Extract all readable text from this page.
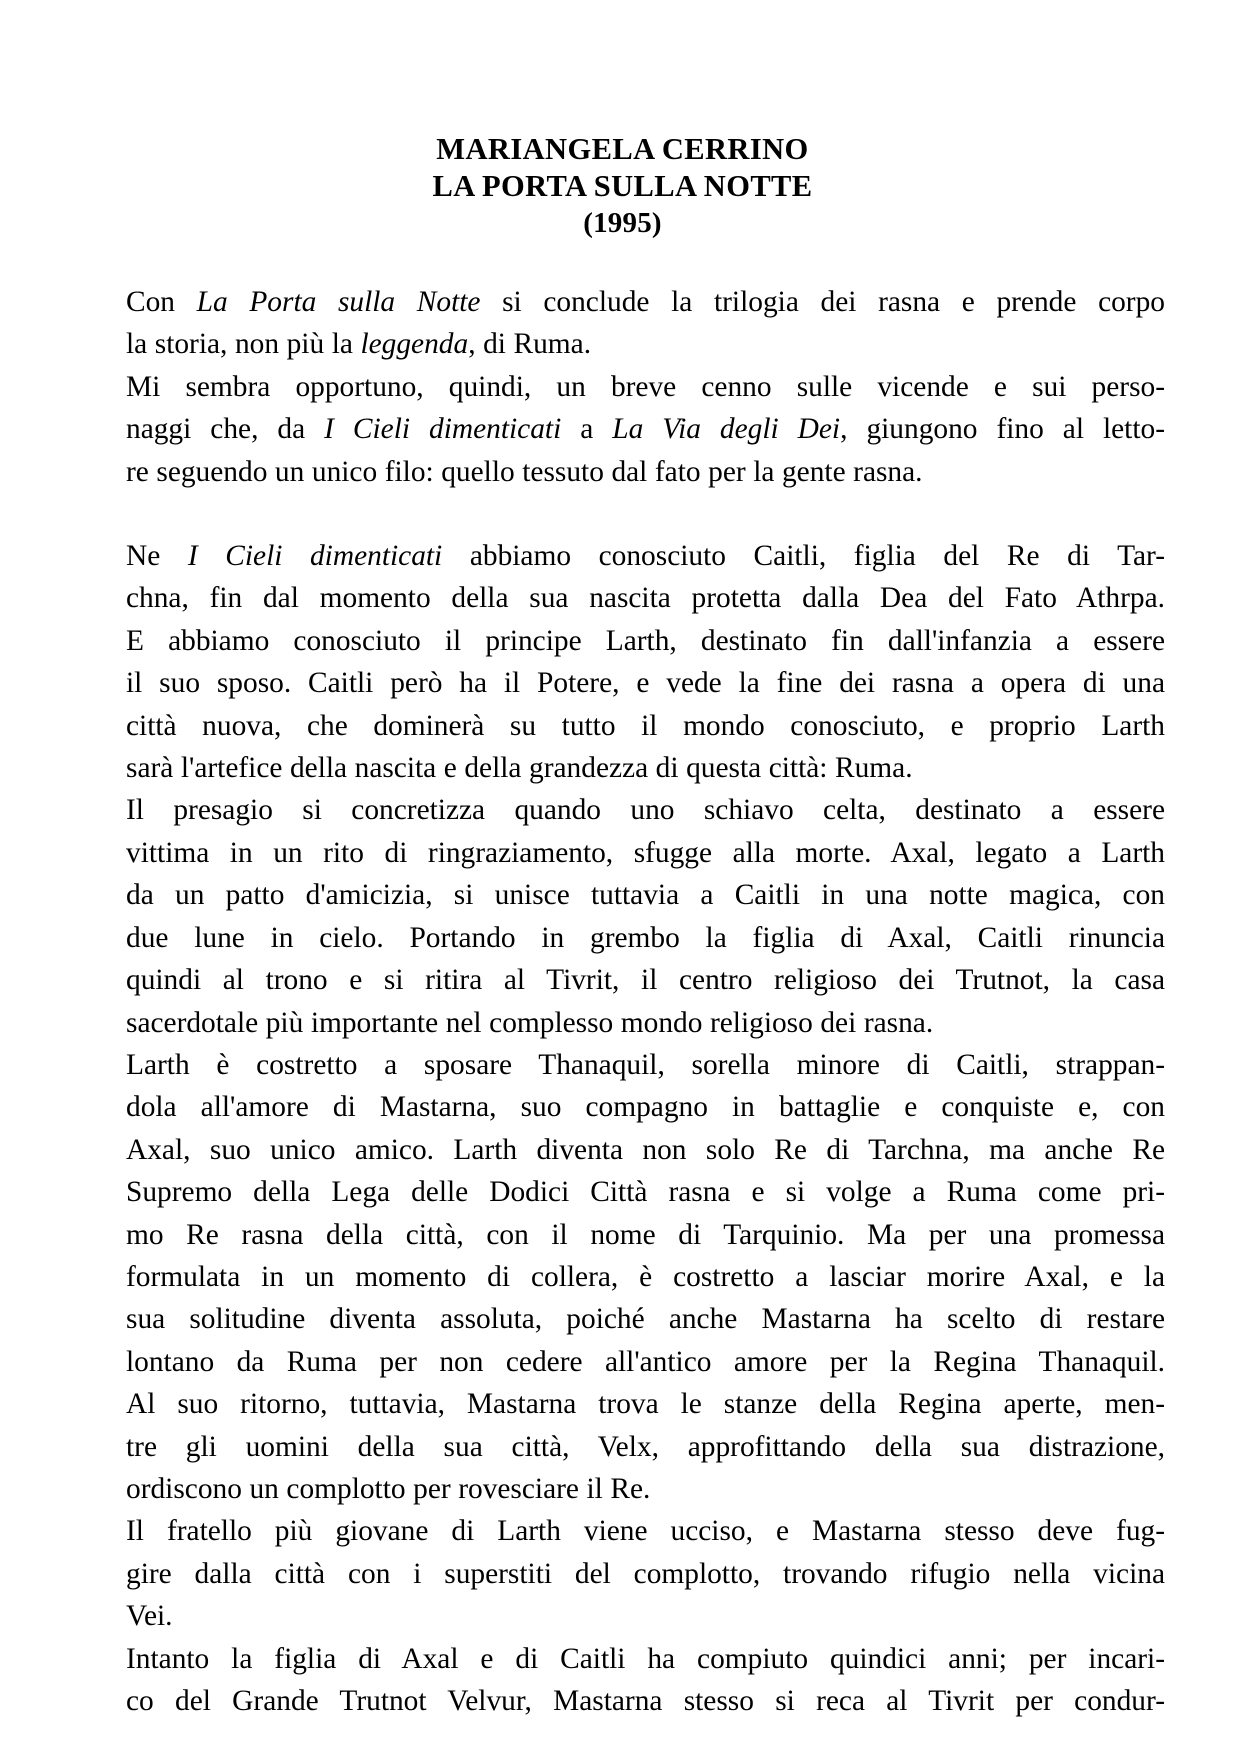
MARIANGELA CERRINO
LA PORTA SULLA NOTTE
(1995)

Con La Porta sulla Notte si conclude la trilogia dei rasna e prende corpo
la storia, non più la leggenda, di Ruma.

Mi sembra opportuno, quindi, un breve cenno sulle vicende e sui perso-
naggi che, da I Cieli dimenticati a La Via degli Dei, giungono fino al letto-
re seguendo un unico filo: quello tessuto dal fato per la gente rasna.

Ne I Cieli dimenticati abbiamo conosciuto Caitli, figlia del Re di Tar-
chna, fin dal momento della sua nascita protetta dalla Dea del Fato Athrpa.
E abbiamo conosciuto il principe Larth, destinato fin dall'infanzia a essere
il suo sposo. Caitli però ha il Potere, e vede la fine dei rasna a opera di una
città nuova, che dominerà su tutto il mondo conosciuto, e proprio Larth
sarà l'artefice della nascita e della grandezza di questa città: Ruma.

Il presagio si concretizza quando uno schiavo celta, destinato a essere
vittima in un rito di ringraziamento, sfugge alla morte. Axal, legato a Larth
da un patto d'amicizia, si unisce tuttavia a Caitli in una notte magica, con
due lune in cielo. Portando in grembo la figlia di Axal, Caitli rinuncia
quindi al trono e si ritira al Tivrit, il centro religioso dei Trutnot, la casa
sacerdotale più importante nel complesso mondo religioso dei rasna.

Larth è costretto a sposare Thanaquil, sorella minore di Caitli, strappan-
dola all'amore di Mastarna, suo compagno in battaglie e conquiste e, con
Axal, suo unico amico. Larth diventa non solo Re di Tarchna, ma anche Re
Supremo della Lega delle Dodici Città rasna e si volge a Ruma come pri-
mo Re rasna della città, con il nome di Tarquinio. Ma per una promessa
formulata in un momento di collera, è costretto a lasciar morire Axal, e la
sua solitudine diventa assoluta, poiché anche Mastarna ha scelto di restare
lontano da Ruma per non cedere all'antico amore per la Regina Thanaquil.
Al suo ritorno, tuttavia, Mastarna trova le stanze della Regina aperte, men-
tre gli uomini della sua città, Velx, approfittando della sua distrazione,
ordiscono un complotto per rovesciare il Re.

Il fratello più giovane di Larth viene ucciso, e Mastarna stesso deve fug-
gire dalla città con i superstiti del complotto, trovando rifugio nella vicina
Vei.

Intanto la figlia di Axal e di Caitli ha compiuto quindici anni; per incari-
co del Grande Trutnot Velvur, Mastarna stesso si reca al Tivrit per condur-
